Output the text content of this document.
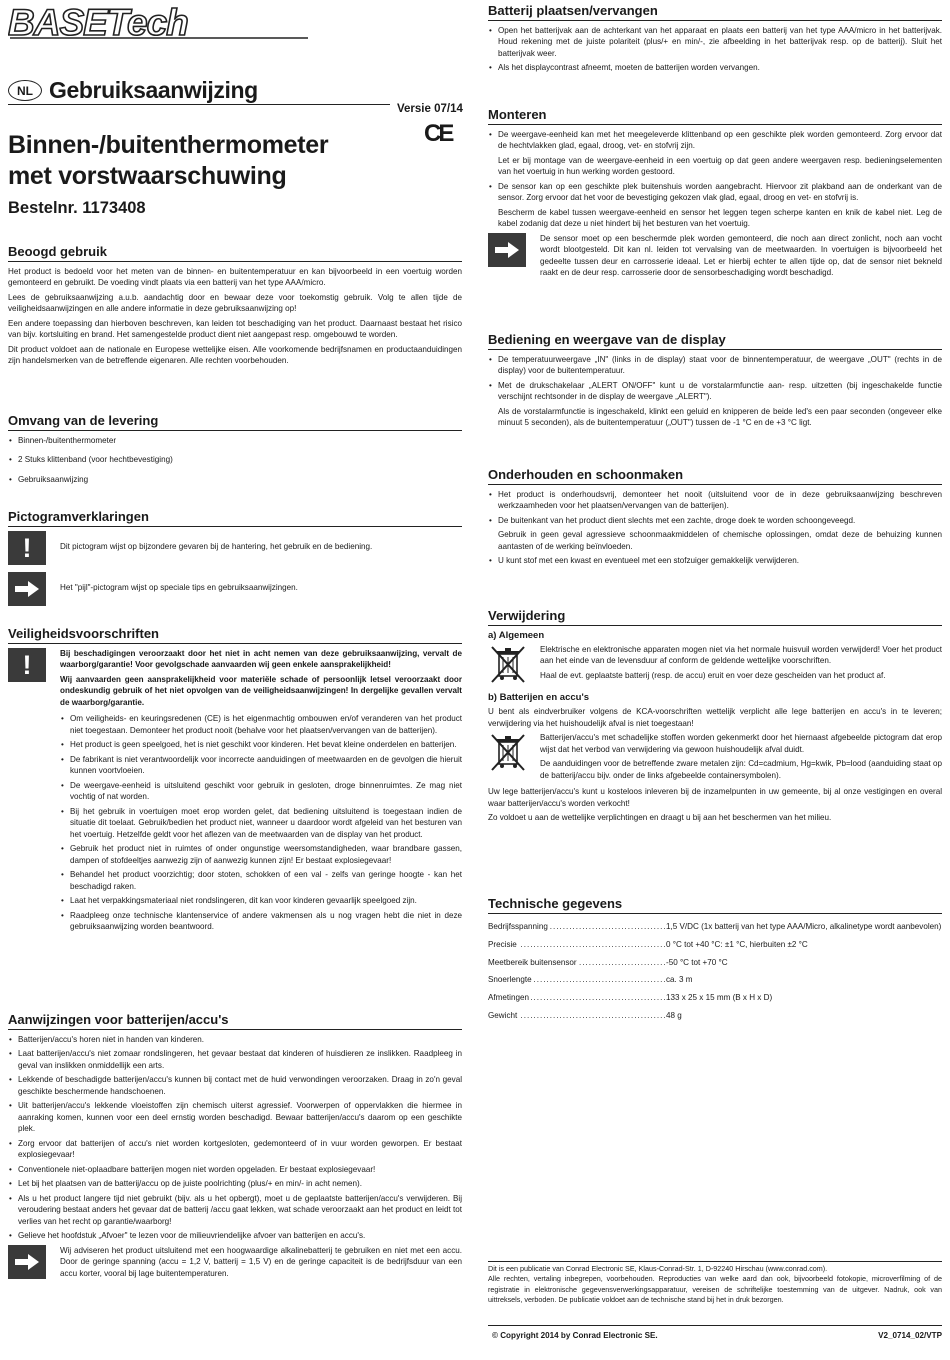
BASETech
NL Gebruiksaanwijzing
Versie 07/14
CE
Binnen-/buitenthermometer
met vorstwaarschuwing
Bestelnr. 1173408
Beoogd gebruik

Het product is bedoeld voor het meten van de binnen- en buitentemperatuur en kan bijvoorbeeld in een voertuig worden gemonteerd en gebruikt. De voeding vindt plaats via een batterij van het type AAA/micro.

Lees de gebruiksaanwijzing a.u.b. aandachtig door en bewaar deze voor toekomstig gebruik. Volg te allen tijde de veiligheidsaanwijzingen en alle andere informatie in deze gebruiksaanwijzing op!

Een andere toepassing dan hierboven beschreven, kan leiden tot beschadiging van het product. Daarnaast bestaat het risico van bijv. kortsluiting en brand. Het samengestelde product dient niet aangepast resp. omgebouwd te worden.

Dit product voldoet aan de nationale en Europese wettelijke eisen. Alle voorkomende bedrijfsnamen en productaanduidingen zijn handelsmerken van de betreffende eigenaren. Alle rechten voorbehouden.

Omvang van de levering
• Binnen-/buitenthermometer
• 2 Stuks klittenband (voor hechtbevestiging)
• Gebruiksaanwijzing
Pictogramverklaringen
!	Dit pictogram wijst op bijzondere gevaren bij de hantering, het gebruik en de bediening.

Het "pijl"-pictogram wijst op speciale tips en gebruiksaanwijzingen.

Veiligheidsvoorschriften
!	Bij beschadigingen veroorzaakt door het niet in acht nemen van deze gebruiksaanwijzing, vervalt de waarborg/garantie! Voor gevolgschade aanvaarden wij geen enkele aansprakelijkheid!

Wij aanvaarden geen aansprakelijkheid voor materiële schade of persoonlijk letsel veroorzaakt door ondeskundig gebruik of het niet opvolgen van de veiligheidsaanwijzingen! In dergelijke gevallen vervalt de waarborg/garantie.

• Om veiligheids- en keuringsredenen (CE) is het eigenmachtig ombouwen en/of veranderen van het product niet toegestaan. Demonteer het product nooit (behalve voor het plaatsen/vervangen van de batterijen).
• Het product is geen speelgoed, het is niet geschikt voor kinderen. Het bevat kleine onderdelen en batterijen.
• De fabrikant is niet verantwoordelijk voor incorrecte aanduidingen of meetwaarden en de gevolgen die hieruit kunnen voortvloeien.
• De weergave-eenheid is uitsluitend geschikt voor gebruik in gesloten, droge binnenruimtes. Ze mag niet vochtig of nat worden.
• Bij het gebruik in voertuigen moet erop worden gelet, dat bediening uitsluitend is toegestaan indien de situatie dit toelaat. Gebruik/bedien het product niet, wanneer u daardoor wordt afgeleid van het besturen van het voertuig. Hetzelfde geldt voor het aflezen van de meetwaarden van de display van het product.
• Gebruik het product niet in ruimtes of onder ongunstige weersomstandigheden, waar brandbare gassen, dampen of stofdeeltjes aanwezig zijn of aanwezig kunnen zijn! Er bestaat explosiegevaar!
• Behandel het product voorzichtig; door stoten, schokken of een val - zelfs van geringe hoogte - kan het beschadigd raken.
• Laat het verpakkingsmateriaal niet rondslingeren, dit kan voor kinderen gevaarlijk speelgoed zijn.
• Raadpleeg onze technische klantenservice of andere vakmensen als u nog vragen hebt die niet in deze gebruiksaanwijzing worden beantwoord.
Aanwijzingen voor batterijen/accu's
• Batterijen/accu's horen niet in handen van kinderen.
• Laat batterijen/accu's niet zomaar rondslingeren, het gevaar bestaat dat kinderen of huisdieren ze inslikken. Raadpleeg in geval van inslikken onmiddellijk een arts.
• Lekkende of beschadigde batterijen/accu's kunnen bij contact met de huid verwondingen veroorzaken. Draag in zo'n geval geschikte beschermende handschoenen.
• Uit batterijen/accu's lekkende vloeistoffen zijn chemisch uiterst agressief. Voorwerpen of oppervlakken die hiermee in aanraking komen, kunnen voor een deel ernstig worden beschadigd. Bewaar batterijen/accu's daarom op een geschikte plek.
• Zorg ervoor dat batterijen of accu's niet worden kortgesloten, gedemonteerd of in vuur worden geworpen. Er bestaat explosiegevaar!
• Conventionele niet-oplaadbare batterijen mogen niet worden opgeladen. Er bestaat explosiegevaar!
• Let bij het plaatsen van de batterij/accu op de juiste poolrichting (plus/+ en min/- in acht nemen).
• Als u het product langere tijd niet gebruikt (bijv. als u het opbergt), moet u de geplaatste batterijen/accu's verwijderen. Bij veroudering bestaat anders het gevaar dat de batterij /accu gaat lekken, wat schade veroorzaakt aan het product en leidt tot verlies van het recht op garantie/waarborg!
• Gelieve het hoofdstuk „Afvoer" te lezen voor de milieuvriendelijke afvoer van batterijen en accu's.

Wij adviseren het product uitsluitend met een hoogwaardige alkalinebatterij te gebruiken en niet met een accu. Door de geringe spanning (accu = 1,2 V, batterij = 1,5 V) en de geringe capaciteit is de bedrijfsduur van een accu korter, vooral bij lage buitentemperaturen.

Batterij plaatsen/vervangen
• Open het batterijvak aan de achterkant van het apparaat en plaats een batterij van het type AAA/micro in het batterijvak. Houd rekening met de juiste polariteit (plus/+ en min/-, zie afbeelding in het batterijvak resp. op de batterij). Sluit het batterijvak weer.
• Als het displaycontrast afneemt, moeten de batterijen worden vervangen.
Monteren
• De weergave-eenheid kan met het meegeleverde klittenband op een geschikte plek worden gemonteerd. Zorg ervoor dat de hechtvlakken glad, egaal, droog, vet- en stofvrij zijn.

Let er bij montage van de weergave-eenheid in een voertuig op dat geen andere weergaven resp. bedieningselementen van het voertuig in hun werking worden gestoord.

• De sensor kan op een geschikte plek buitenshuis worden aangebracht. Hiervoor zit plakband aan de onderkant van de sensor. Zorg ervoor dat het voor de bevestiging gekozen vlak glad, egaal, droog en vet- en stofvrij is.

Bescherm de kabel tussen weergave-eenheid en sensor het leggen tegen scherpe kanten en knik de kabel niet. Leg de kabel zodanig dat deze u niet hindert bij het besturen van het voertuig.

De sensor moet op een beschermde plek worden gemonteerd, die noch aan direct zonlicht, noch aan vocht wordt blootgesteld. Dit kan nl. leiden tot vervalsing van de meetwaarden. In voertuigen is bijvoorbeeld het gedeelte tussen deur en carrosserie ideaal. Let er hierbij echter te allen tijde op, dat de sensor niet bekneld raakt en de deur resp. carrosserie door de sensorbeschadiging wordt beschadigd.

Bediening en weergave van de display
• De temperatuurweergave „IN" (links in de display) staat voor de binnentemperatuur, de weergave „OUT" (rechts in de display) voor de buitentemperatuur.
• Met de drukschakelaar „ALERT ON/OFF" kunt u de vorstalarmfunctie aan- resp. uitzetten (bij ingeschakelde functie verschijnt rechtsonder in de display de weergave „ALERT").

Als de vorstalarmfunctie is ingeschakeld, klinkt een geluid en knipperen de beide led's een paar seconden (ongeveer elke minuut 5 seconden), als de buitentemperatuur („OUT") tussen de -1 °C en de +3 °C ligt.

Onderhouden en schoonmaken
• Het product is onderhoudsvrij, demonteer het nooit (uitsluitend voor de in deze gebruiksaanwijzing beschreven werkzaamheden voor het plaatsen/vervangen van de batterijen).
• De buitenkant van het product dient slechts met een zachte, droge doek te worden schoongeveegd.

Gebruik in geen geval agressieve schoonmaakmiddelen of chemische oplossingen, omdat deze de behuizing kunnen aantasten of de werking beïnvloeden.

• U kunt stof met een kwast en eventueel met een stofzuiger gemakkelijk verwijderen.
Verwijdering
a) Algemeen

Elektrische en elektronische apparaten mogen niet via het normale huisvuil worden verwijderd! Voer het product aan het einde van de levensduur af conform de geldende wettelijke voorschriften.

Haal de evt. geplaatste batterij (resp. de accu) eruit en voer deze gescheiden van het product af.

b) Batterijen en accu's

U bent als eindverbruiker volgens de KCA-voorschriften wettelijk verplicht alle lege batterijen en accu's in te leveren; verwijdering via het huishoudelijk afval is niet toegestaan!

Batterijen/accu's met schadelijke stoffen worden gekenmerkt door het hiernaast afgebeelde pictogram dat erop wijst dat het verbod van verwijdering via gewoon huishoudelijk afval duidt.

De aanduidingen voor de betreffende zware metalen zijn: Cd=cadmium, Hg=kwik, Pb=lood (aanduiding staat op de batterij/accu bijv. onder de links afgebeelde containersymbolen).

Uw lege batterijen/accu's kunt u kosteloos inleveren bij de inzamelpunten in uw gemeente, bij al onze vestigingen en overal waar batterijen/accu's worden verkocht!

Zo voldoet u aan de wettelijke verplichtingen en draagt u bij aan het beschermen van het milieu.

Technische gegevens
Bedrijfsspanning .....	1,5 V/DC (1x batterij van het type AAA/Micro, alkalinetype wordt aanbevolen)
Precisie .....	0 °C tot +40 °C: ±1 °C, hierbuiten ±2 °C
Meetbereik buitensensor .....	-50 °C tot +70 °C
Snoerlengte .....	ca. 3 m
Afmetingen .....	133 x 25 x 15 mm (B x H x D)
Gewicht .....	48 g

Dit is een publicatie van Conrad Electronic SE, Klaus-Conrad-Str. 1, D-92240 Hirschau (www.conrad.com).

Alle rechten, vertaling inbegrepen, voorbehouden. Reproducties van welke aard dan ook, bijvoorbeeld fotokopie, microverfilming of de registratie in elektronische gegevensverwerkingsapparatuur, vereisen de schriftelijke toestemming van de uitgever. Nadruk, ook van uittreksels, verboden. De publicatie voldoet aan de technische stand bij het in druk bezorgen.

© Copyright 2014 by Conrad Electronic SE.	V2_0714_02/VTP
